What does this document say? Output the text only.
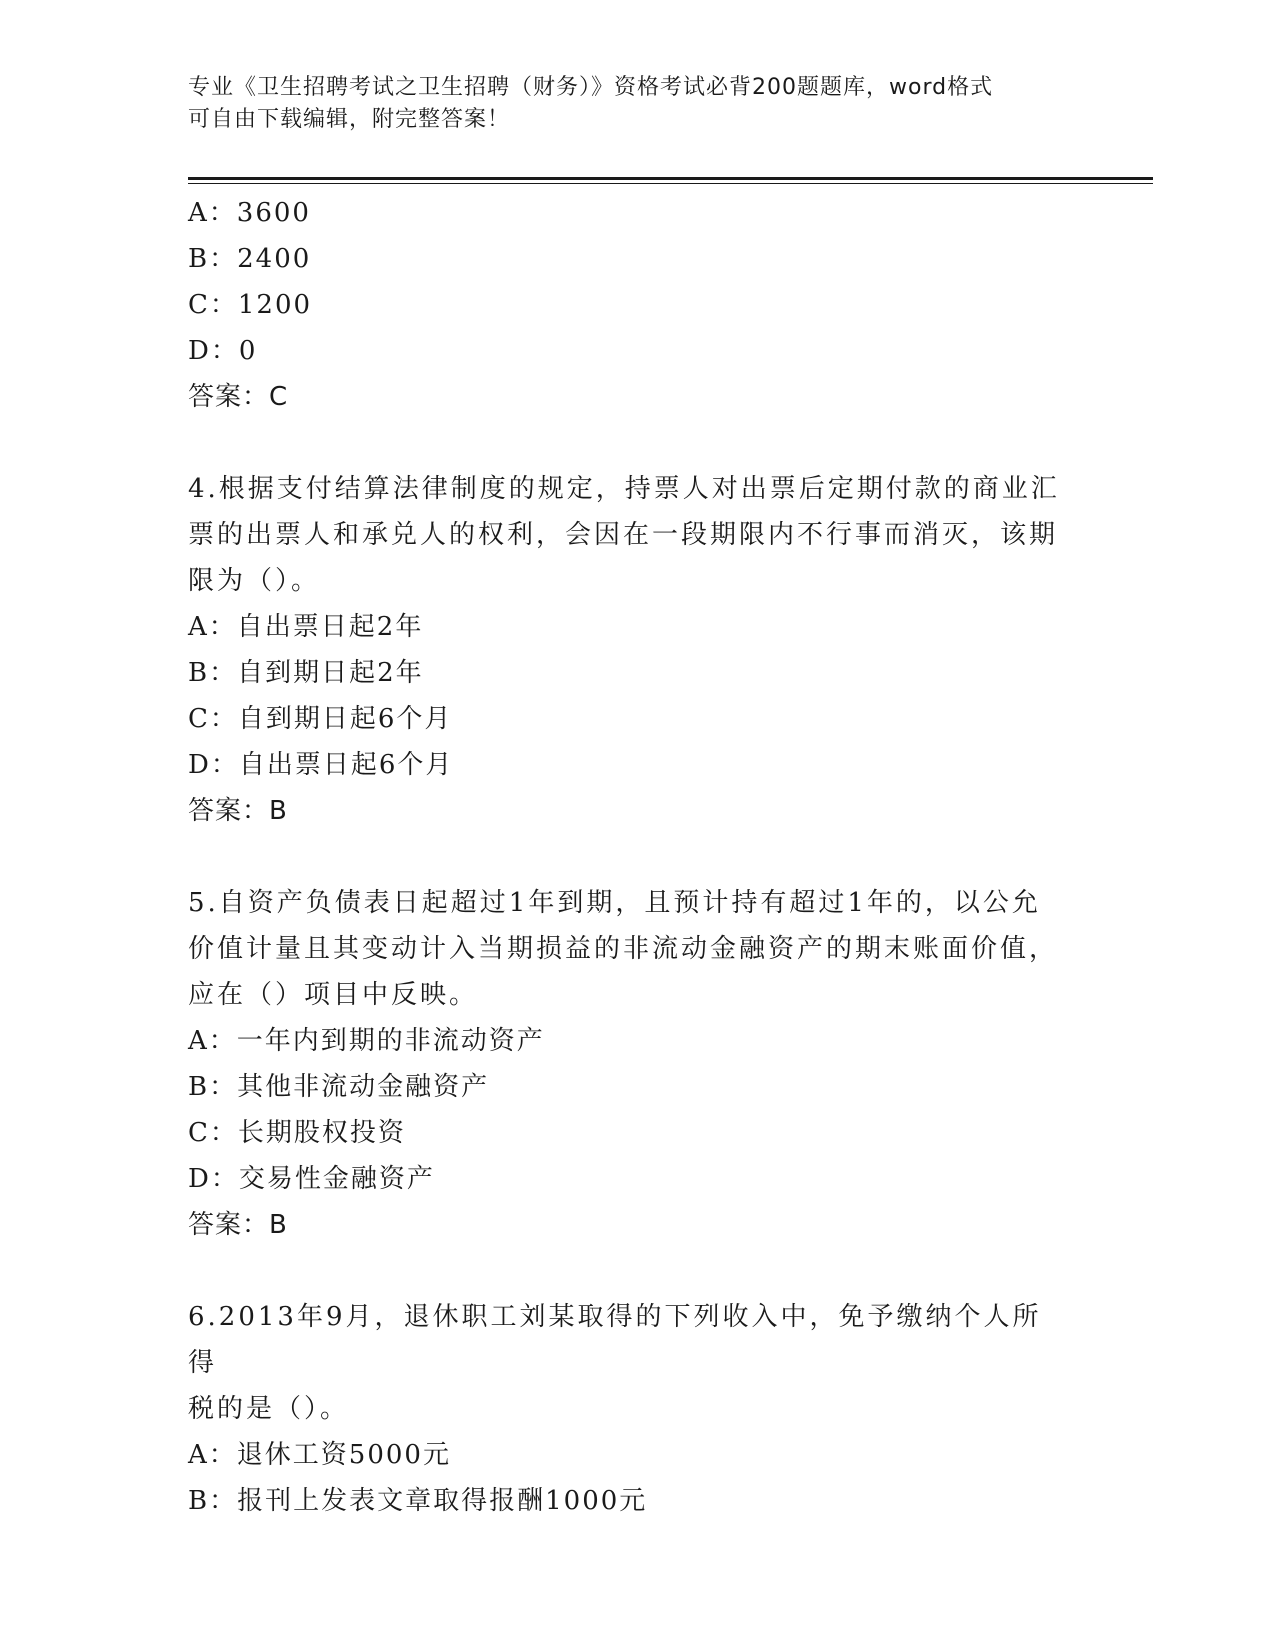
专业《卫生招聘考试之卫生招聘（财务）》资格考试必背200题题库，word格式
可自由下载编辑，附完整答案！
A：3600
B：2400
C：1200
D：0
答案：C
4.根据支付结算法律制度的规定，持票人对出票后定期付款的商业汇
票的出票人和承兑人的权利，会因在一段期限内不行事而消灭，该期
限为（）。
A：自出票日起2年
B：自到期日起2年
C：自到期日起6个月
D：自出票日起6个月
答案：B
5.自资产负债表日起超过1年到期，且预计持有超过1年的，以公允
价值计量且其变动计入当期损益的非流动金融资产的期末账面价值，
应在（）项目中反映。
A：一年内到期的非流动资产
B：其他非流动金融资产
C：长期股权投资
D：交易性金融资产
答案：B
6.2013年9月，退休职工刘某取得的下列收入中，免予缴纳个人所得
税的是（）。
A：退休工资5000元
B：报刊上发表文章取得报酬1000元
